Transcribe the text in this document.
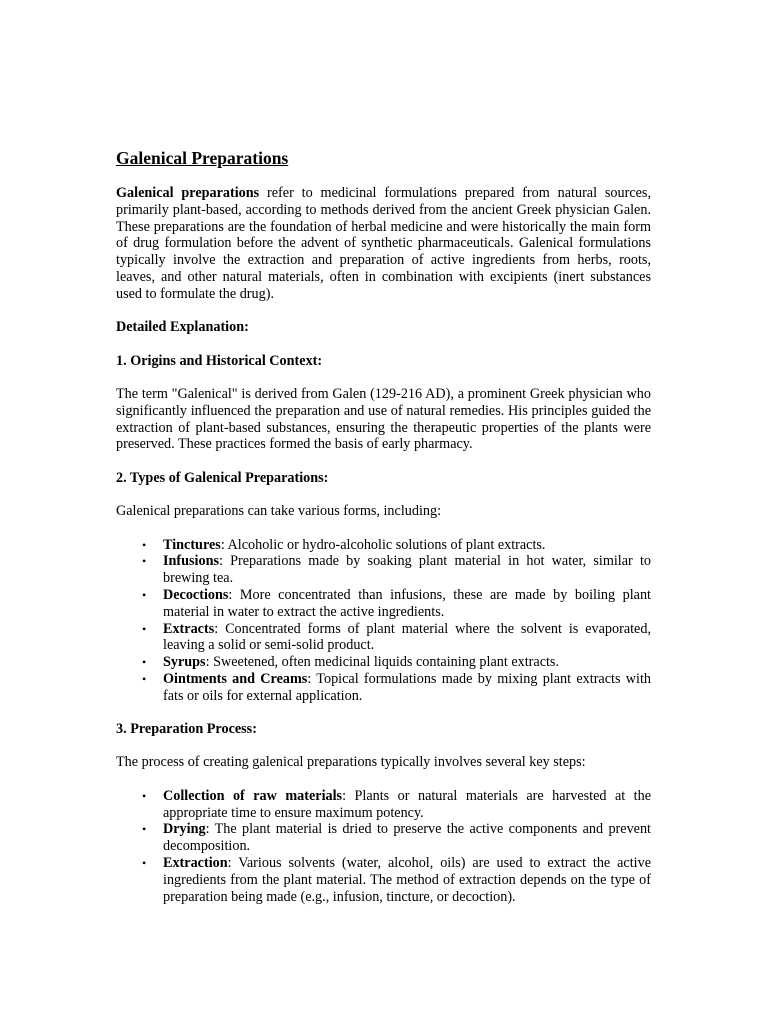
Galenical Preparations

Galenical preparations refer to medicinal formulations prepared from natural sources, primarily plant-based, according to methods derived from the ancient Greek physician Galen. These preparations are the foundation of herbal medicine and were historically the main form of drug formulation before the advent of synthetic pharmaceuticals. Galenical formulations typically involve the extraction and preparation of active ingredients from herbs, roots, leaves, and other natural materials, often in combination with excipients (inert substances used to formulate the drug).

Detailed Explanation:
1. Origins and Historical Context:

The term "Galenical" is derived from Galen (129-216 AD), a prominent Greek physician who significantly influenced the preparation and use of natural remedies. His principles guided the extraction of plant-based substances, ensuring the therapeutic properties of the plants were preserved. These practices formed the basis of early pharmacy.

2. Types of Galenical Preparations:

Galenical preparations can take various forms, including:

• Tinctures: Alcoholic or hydro-alcoholic solutions of plant extracts.
• Infusions: Preparations made by soaking plant material in hot water, similar to brewing tea.
• Decoctions: More concentrated than infusions, these are made by boiling plant material in water to extract the active ingredients.
• Extracts: Concentrated forms of plant material where the solvent is evaporated, leaving a solid or semi-solid product.
• Syrups: Sweetened, often medicinal liquids containing plant extracts.
• Ointments and Creams: Topical formulations made by mixing plant extracts with fats or oils for external application.
3. Preparation Process:

The process of creating galenical preparations typically involves several key steps:

• Collection of raw materials: Plants or natural materials are harvested at the appropriate time to ensure maximum potency.
• Drying: The plant material is dried to preserve the active components and prevent decomposition.
• Extraction: Various solvents (water, alcohol, oils) are used to extract the active ingredients from the plant material. The method of extraction depends on the type of preparation being made (e.g., infusion, tincture, or decoction).
